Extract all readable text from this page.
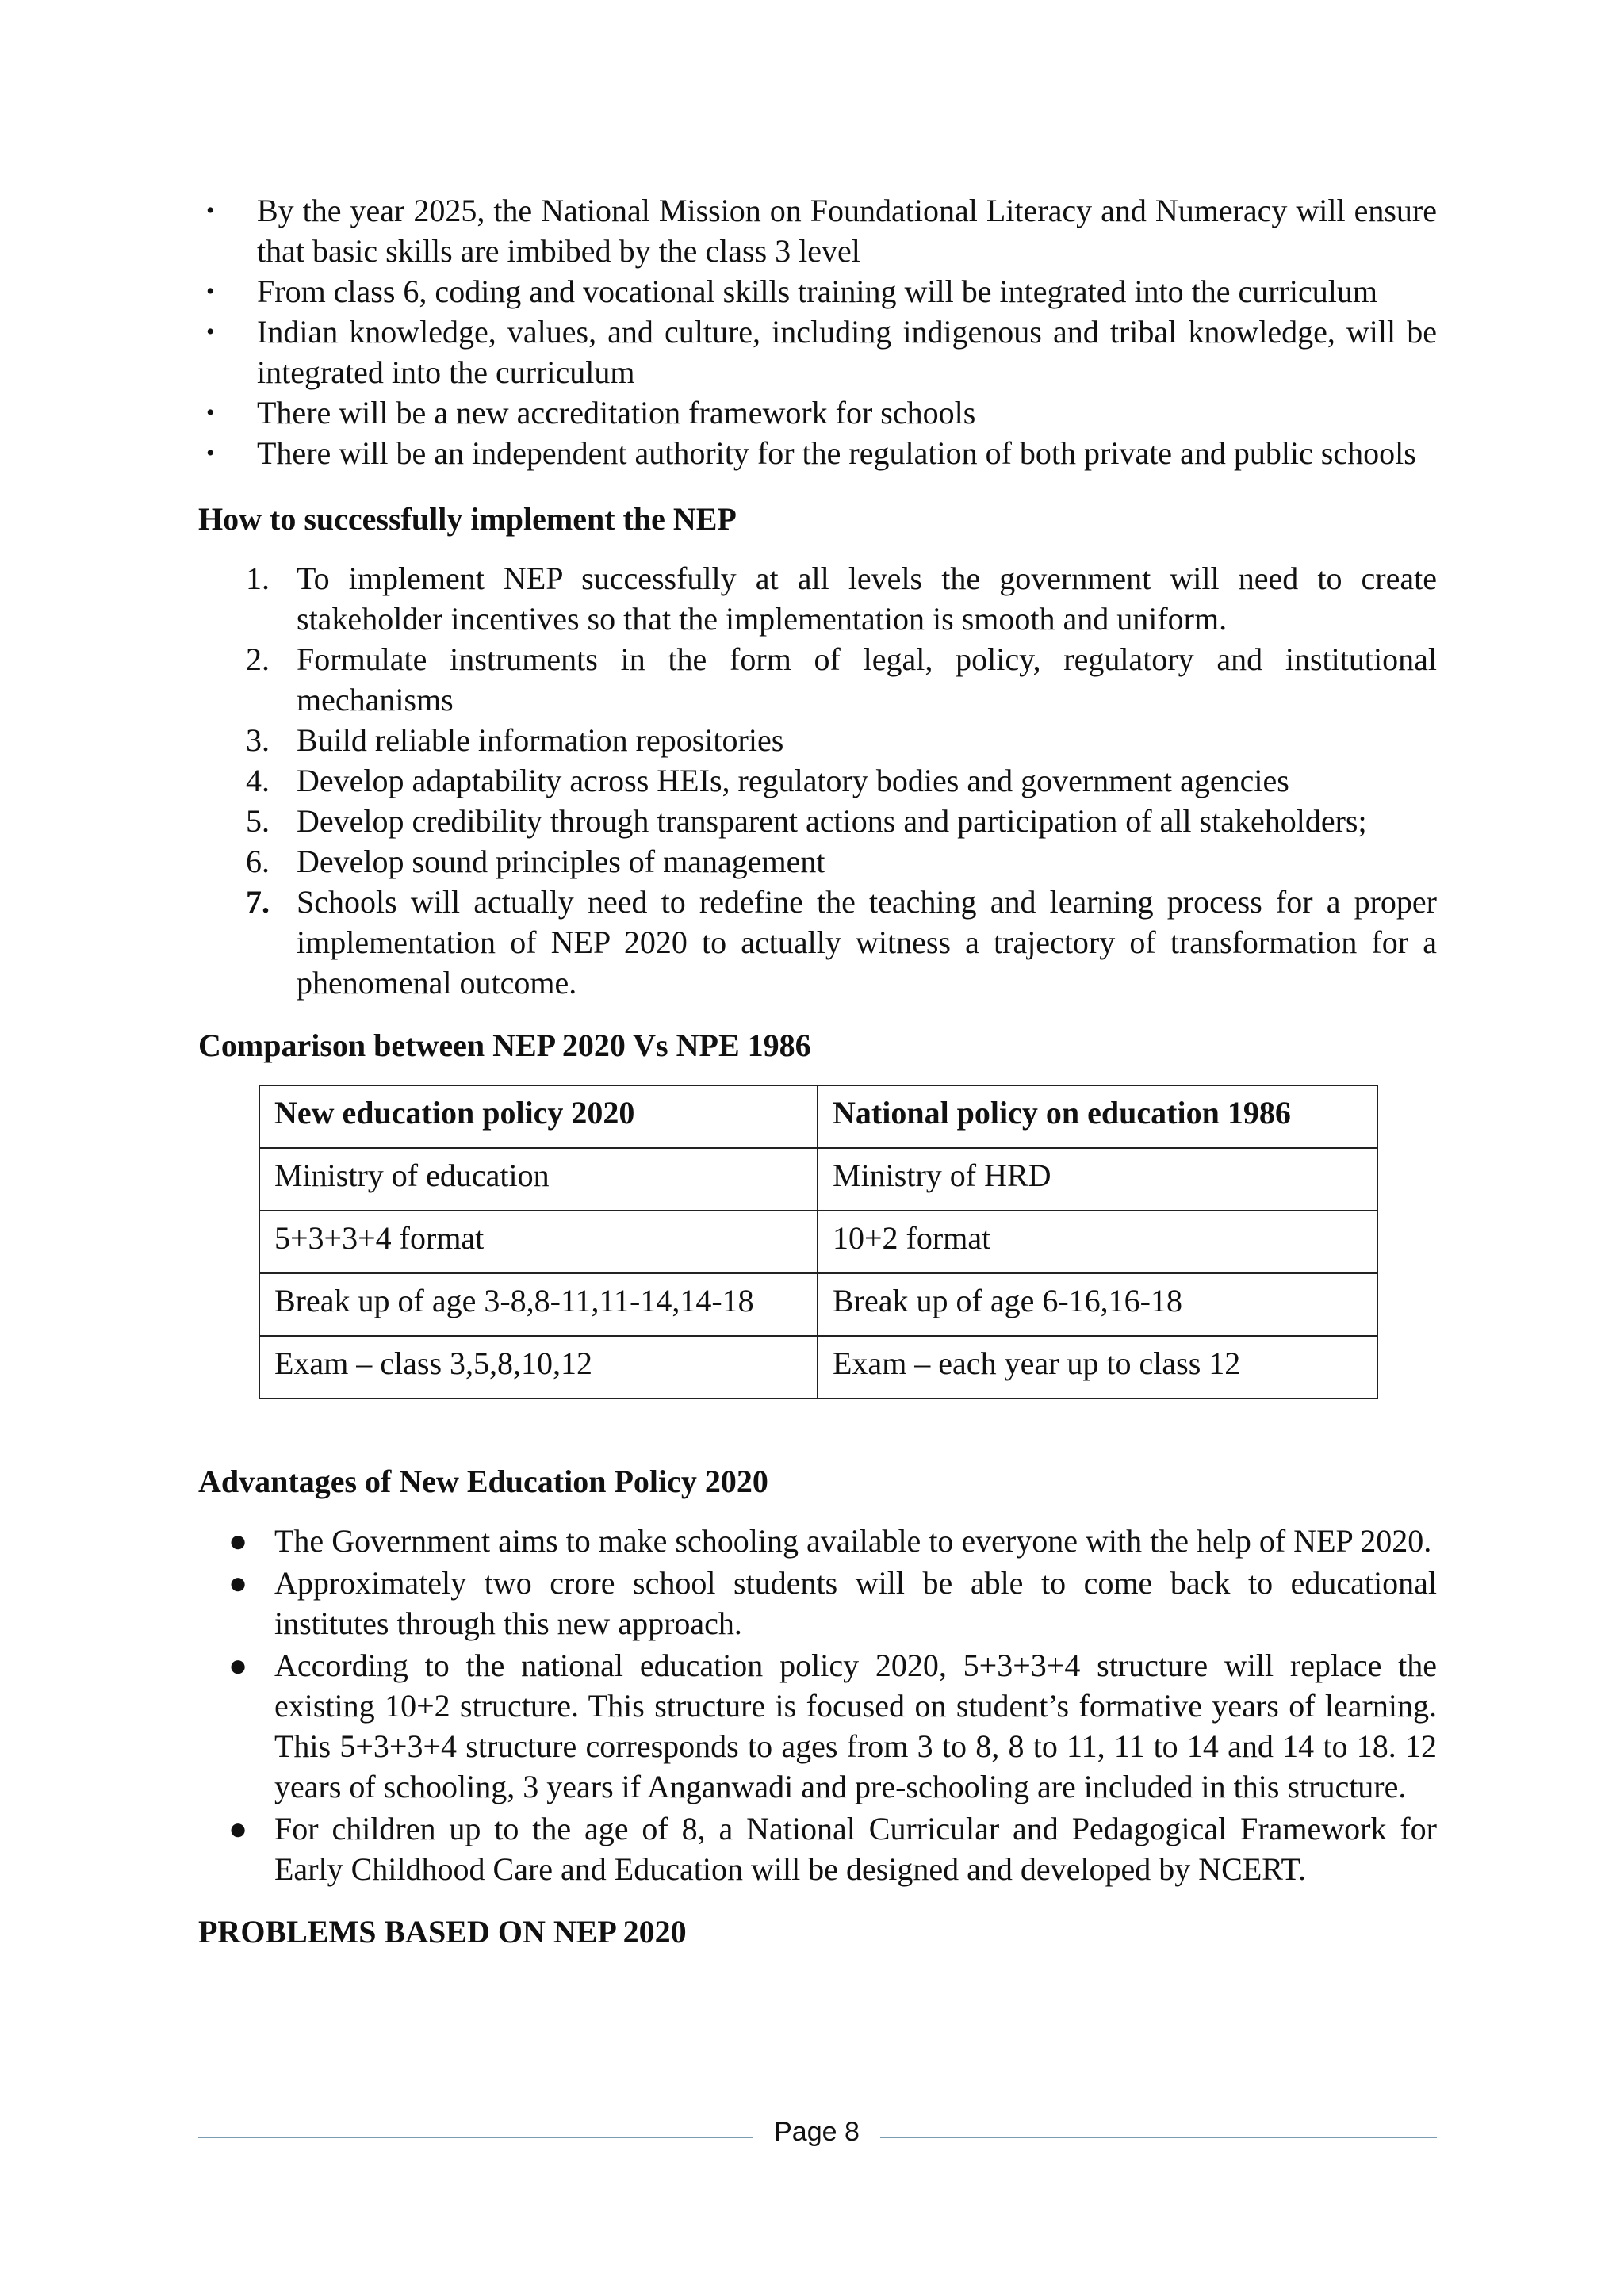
• By the year 2025, the National Mission on Foundational Literacy and Numeracy will ensure that basic skills are imbibed by the class 3 level
• From class 6, coding and vocational skills training will be integrated into the curriculum
• Indian knowledge, values, and culture, including indigenous and tribal knowledge, will be integrated into the curriculum
• There will be a new accreditation framework for schools
• There will be an independent authority for the regulation of both private and public schools

How to successfully implement the NEP

1. To implement NEP successfully at all levels the government will need to create stakeholder incentives so that the implementation is smooth and uniform.
2. Formulate instruments in the form of legal, policy, regulatory and institutional mechanisms
3. Build reliable information repositories
4. Develop adaptability across HEIs, regulatory bodies and government agencies
5. Develop credibility through transparent actions and participation of all stakeholders;
6. Develop sound principles of management
7. Schools will actually need to redefine the teaching and learning process for a proper implementation of NEP 2020 to actually witness a trajectory of transformation for a phenomenal outcome.

Comparison between NEP 2020 Vs NPE 1986

New education policy 2020	National policy on education 1986
Ministry of education	Ministry of HRD
5+3+3+4 format	10+2 format
Break up of age 3-8,8-11,11-14,14-18	Break up of age 6-16,16-18
Exam – class 3,5,8,10,12	Exam – each year up to class 12

Advantages of New Education Policy 2020

● The Government aims to make schooling available to everyone with the help of NEP 2020.
● Approximately two crore school students will be able to come back to educational institutes through this new approach.
● According to the national education policy 2020, 5+3+3+4 structure will replace the existing 10+2 structure. This structure is focused on student’s formative years of learning. This 5+3+3+4 structure corresponds to ages from 3 to 8, 8 to 11, 11 to 14 and 14 to 18. 12 years of schooling, 3 years if Anganwadi and pre-schooling are included in this structure.
● For children up to the age of 8, a National Curricular and Pedagogical Framework for Early Childhood Care and Education will be designed and developed by NCERT.

PROBLEMS BASED ON NEP 2020

Page 8
